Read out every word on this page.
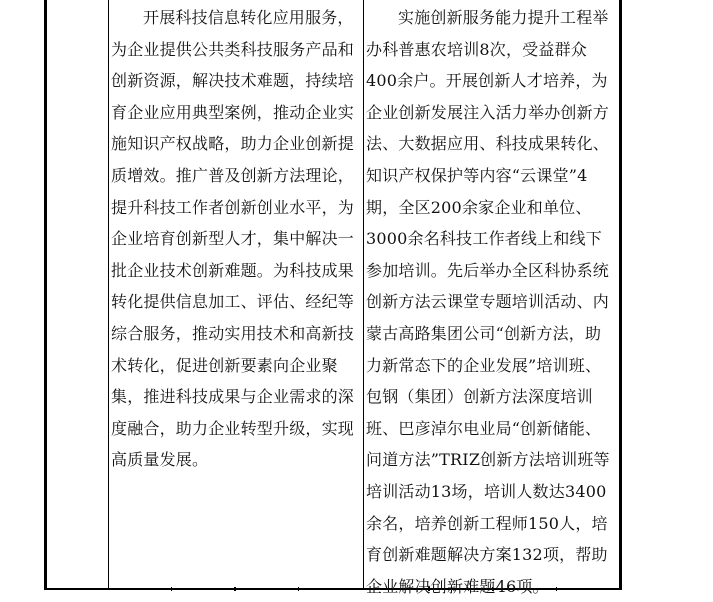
开展科技信息转化应用服务，为企业提供公共类科技服务产品和创新资源，解决技术难题，持续培育企业应用典型案例，推动企业实施知识产权战略，助力企业创新提质增效。推广普及创新方法理论，提升科技工作者创新创业水平，为企业培育创新型人才，集中解决一批企业技术创新难题。为科技成果转化提供信息加工、评估、经纪等综合服务，推动实用技术和高新技术转化，促进创新要素向企业聚集，推进科技成果与企业需求的深度融合，助力企业转型升级，实现高质量发展。

实施创新服务能力提升工程举办科普惠农培训8次，受益群众400余户。开展创新人才培养，为企业创新发展注入活力举办创新方法、大数据应用、科技成果转化、知识产权保护等内容“云课堂”4期，全区200余家企业和单位、3000余名科技工作者线上和线下参加培训。先后举办全区科协系统创新方法云课堂专题培训活动、内蒙古高路集团公司“创新方法，助力新常态下的企业发展”培训班、包钢（集团）创新方法深度培训班、巴彦淖尔电业局“创新储能、问道方法”TRIZ创新方法培训班等培训活动13场，培训人数达3400余名，培养创新工程师150人，培育创新难题解决方案132项，帮助企业解决创新难题46项。
